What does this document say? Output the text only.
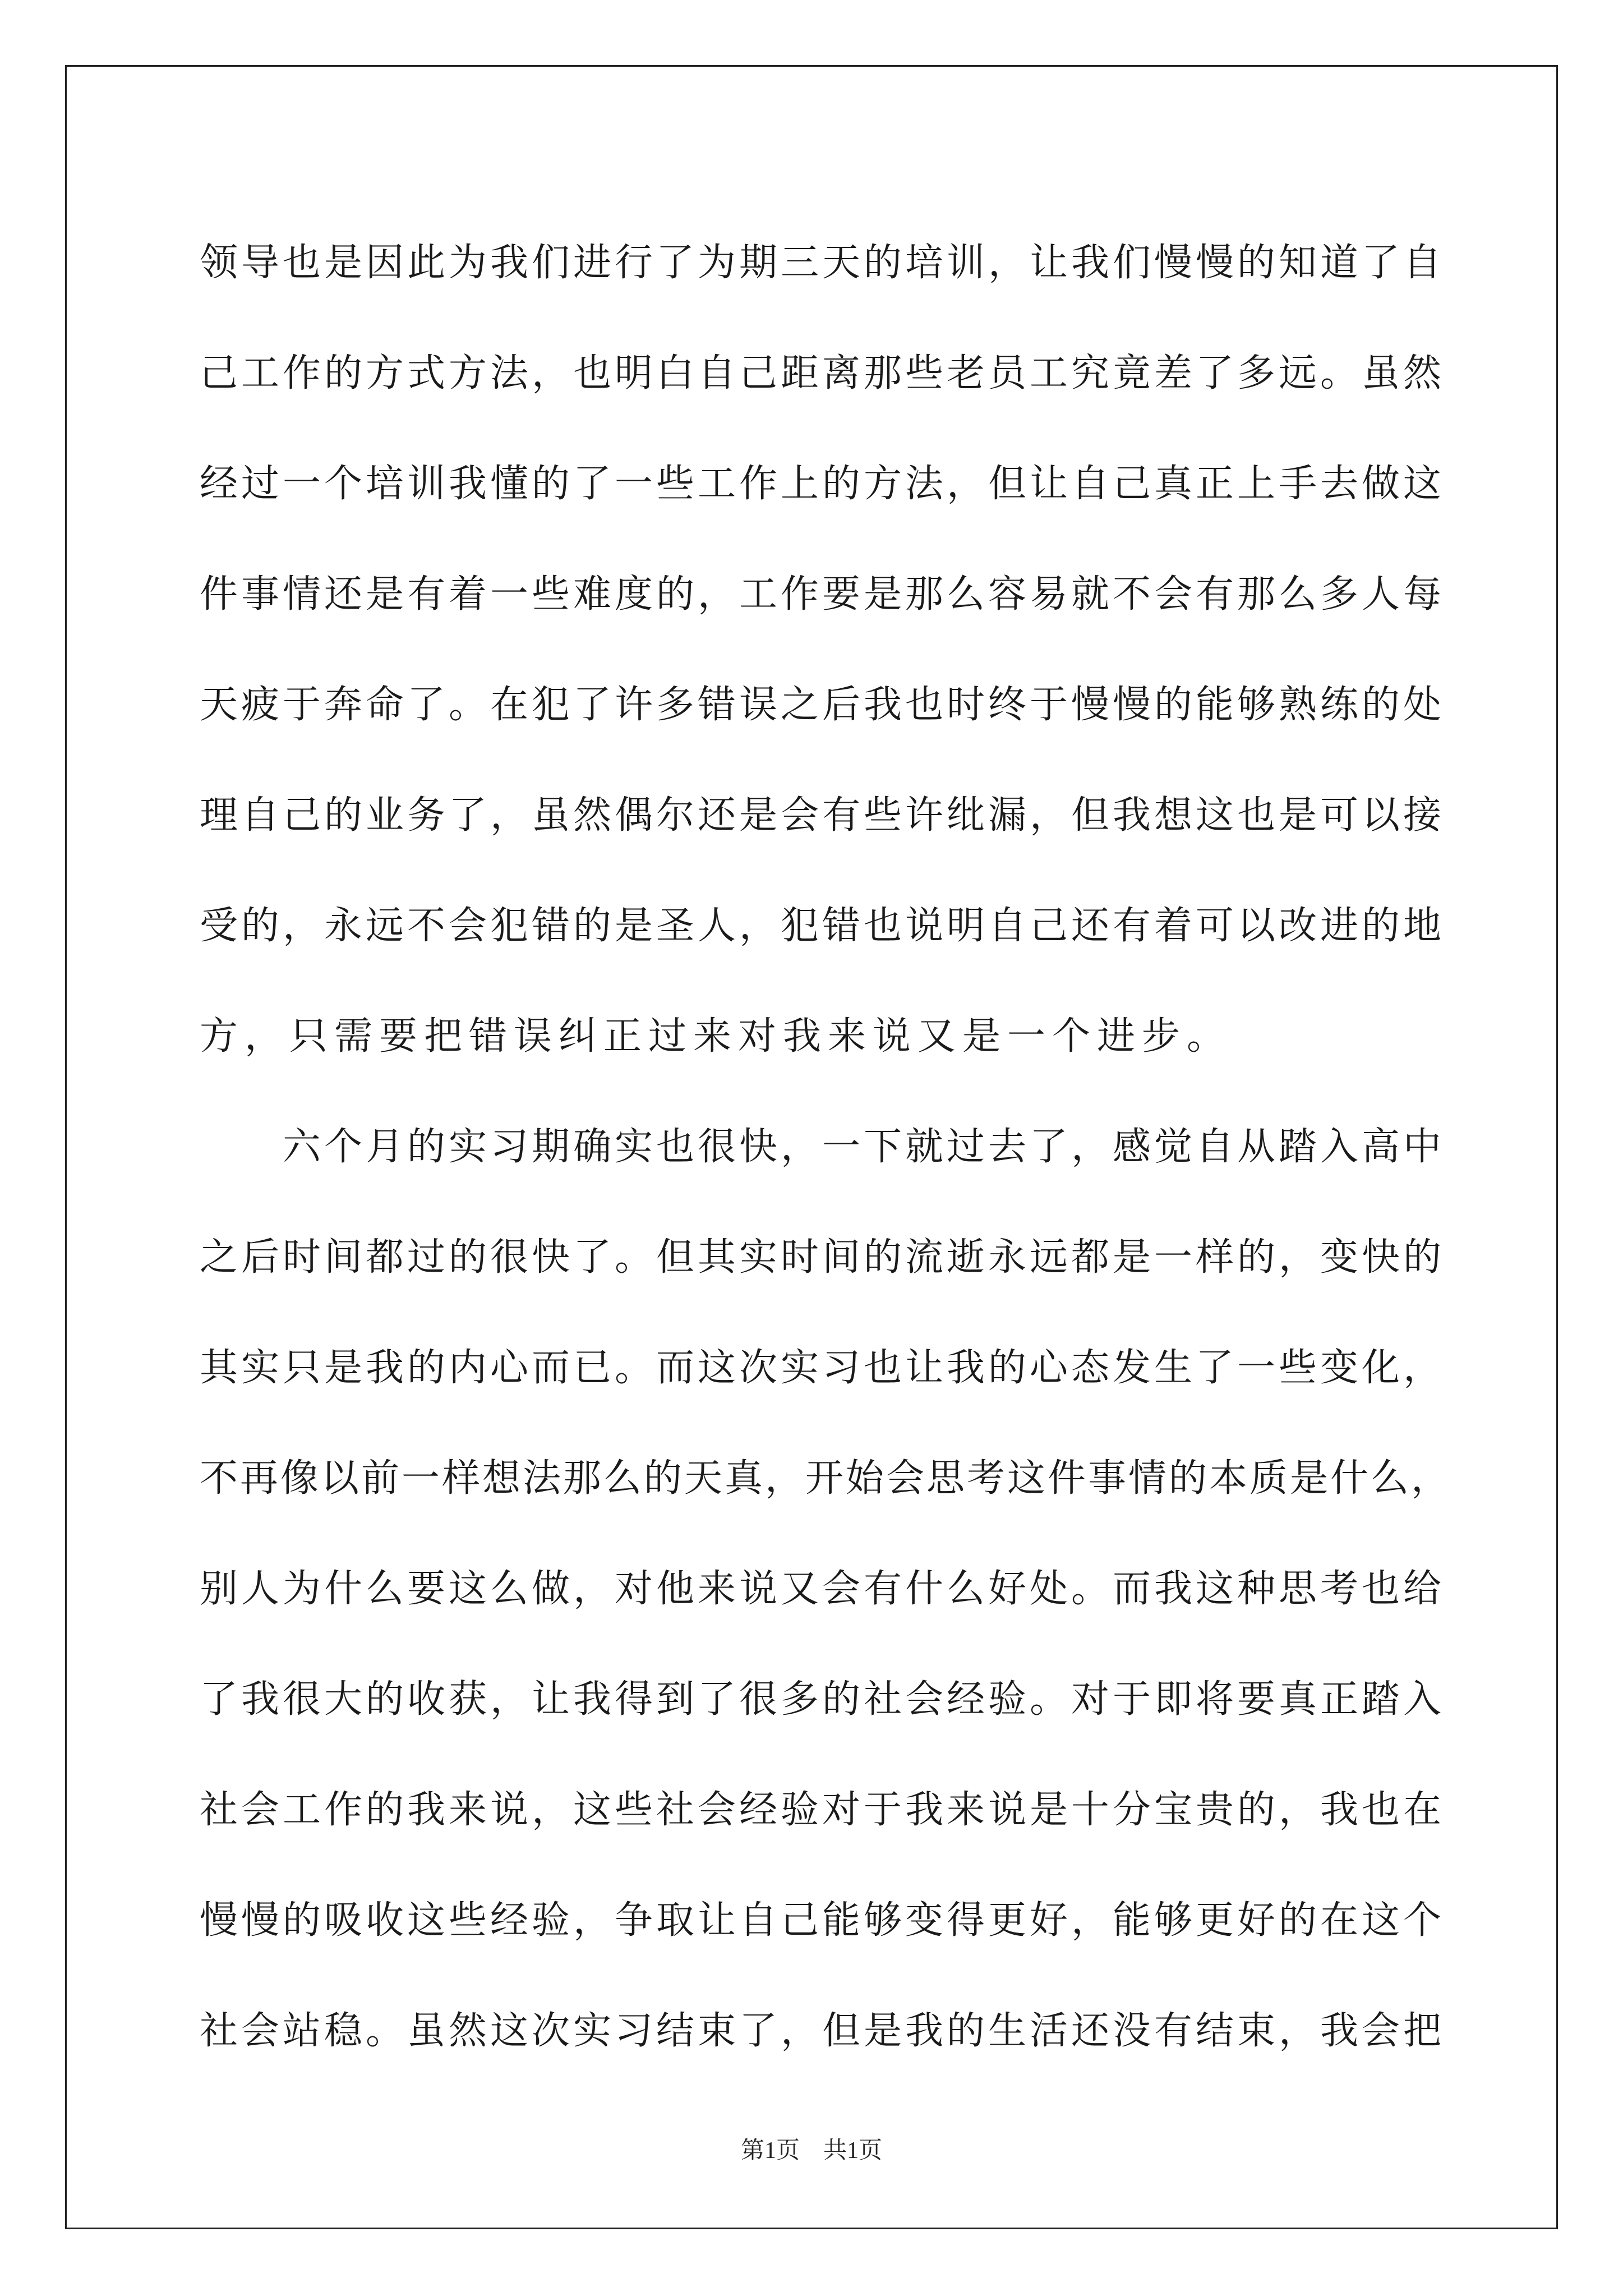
领导也是因此为我们进行了为期三天的培训，让我们慢慢的知道了自
己工作的方式方法，也明白自己距离那些老员工究竟差了多远。虽然
经过一个培训我懂的了一些工作上的方法，但让自己真正上手去做这
件事情还是有着一些难度的，工作要是那么容易就不会有那么多人每
天疲于奔命了。在犯了许多错误之后我也时终于慢慢的能够熟练的处
理自己的业务了，虽然偶尔还是会有些许纰漏，但我想这也是可以接
受的，永远不会犯错的是圣人，犯错也说明自己还有着可以改进的地
方，只需要把错误纠正过来对我来说又是一个进步。
六个月的实习期确实也很快，一下就过去了，感觉自从踏入高中
之后时间都过的很快了。但其实时间的流逝永远都是一样的，变快的
其实只是我的内心而已。而这次实习也让我的心态发生了一些变化，
不再像以前一样想法那么的天真，开始会思考这件事情的本质是什么，
别人为什么要这么做，对他来说又会有什么好处。而我这种思考也给
了我很大的收获，让我得到了很多的社会经验。对于即将要真正踏入
社会工作的我来说，这些社会经验对于我来说是十分宝贵的，我也在
慢慢的吸收这些经验，争取让自己能够变得更好，能够更好的在这个
社会站稳。虽然这次实习结束了，但是我的生活还没有结束，我会把
第1页　共1页
